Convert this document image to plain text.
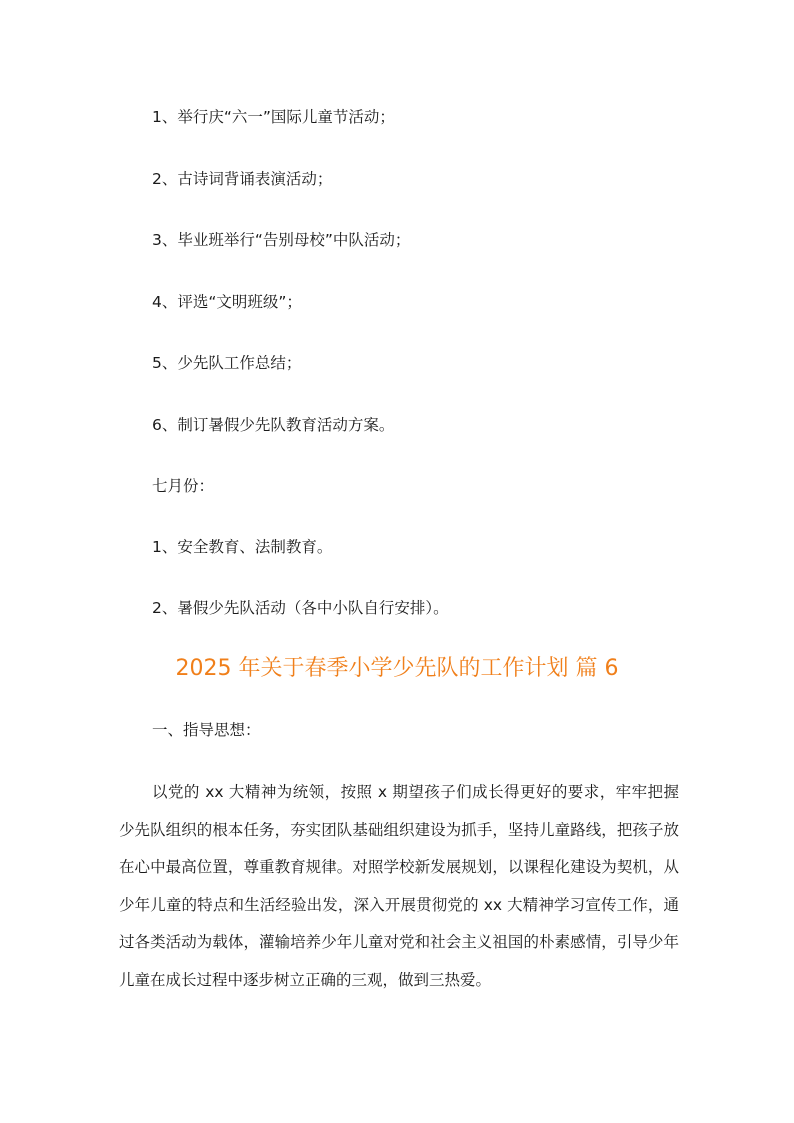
1、举行庆“六一”国际儿童节活动；
2、古诗词背诵表演活动；
3、毕业班举行“告别母校”中队活动；
4、评选“文明班级”；
5、少先队工作总结；
6、制订暑假少先队教育活动方案。
七月份：
1、安全教育、法制教育。
2、暑假少先队活动（各中小队自行安排）。
2025 年关于春季小学少先队的工作计划 篇 6
一、指导思想：
以党的 xx 大精神为统领，按照 x 期望孩子们成长得更好的要求，牢牢把握少先队组织的根本任务，夯实团队基础组织建设为抓手，坚持儿童路线，把孩子放在心中最高位置，尊重教育规律。对照学校新发展规划，以课程化建设为契机，从少年儿童的特点和生活经验出发，深入开展贯彻党的 xx 大精神学习宣传工作，通过各类活动为载体，灌输培养少年儿童对党和社会主义祖国的朴素感情，引导少年儿童在成长过程中逐步树立正确的三观，做到三热爱。
